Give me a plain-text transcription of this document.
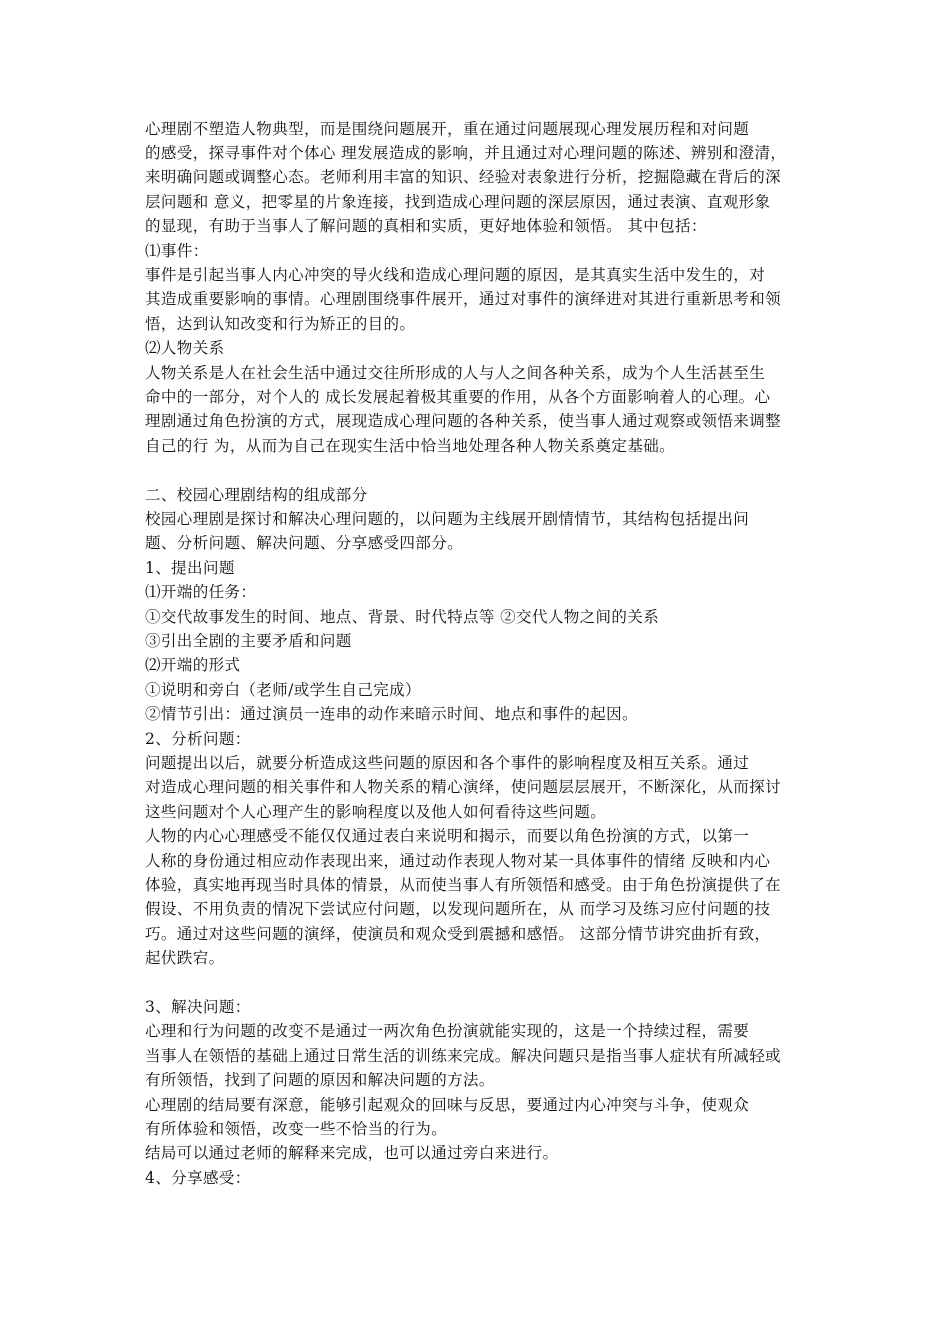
心理剧不塑造人物典型，而是围绕问题展开，重在通过问题展现心理发展历程和对问题
的感受，探寻事件对个体心 理发展造成的影响，并且通过对心理问题的陈述、辨别和澄清，
来明确问题或调整心态。老师利用丰富的知识、经验对表象进行分析，挖掘隐藏在背后的深
层问题和 意义，把零星的片象连接，找到造成心理问题的深层原因，通过表演、直观形象
的显现，有助于当事人了解问题的真相和实质，更好地体验和领悟。 其中包括：
⑴事件：
事件是引起当事人内心冲突的导火线和造成心理问题的原因，是其真实生活中发生的，对
其造成重要影响的事情。心理剧围绕事件展开，通过对事件的演绎进对其进行重新思考和领
悟，达到认知改变和行为矫正的目的。
⑵人物关系
人物关系是人在社会生活中通过交往所形成的人与人之间各种关系，成为个人生活甚至生
命中的一部分，对个人的 成长发展起着极其重要的作用，从各个方面影响着人的心理。心
理剧通过角色扮演的方式，展现造成心理问题的各种关系，使当事人通过观察或领悟来调整
自己的行 为，从而为自己在现实生活中恰当地处理各种人物关系奠定基础。
二、校园心理剧结构的组成部分
校园心理剧是探讨和解决心理问题的，以问题为主线展开剧情情节，其结构包括提出问
题、分析问题、解决问题、分享感受四部分。
1、提出问题
⑴开端的任务：
①交代故事发生的时间、地点、背景、时代特点等 ②交代人物之间的关系
③引出全剧的主要矛盾和问题
⑵开端的形式
①说明和旁白（老师/或学生自己完成）
②情节引出：通过演员一连串的动作来暗示时间、地点和事件的起因。
2、分析问题：
问题提出以后，就要分析造成这些问题的原因和各个事件的影响程度及相互关系。通过
对造成心理问题的相关事件和人物关系的精心演绎，使问题层层展开，不断深化，从而探讨
这些问题对个人心理产生的影响程度以及他人如何看待这些问题。
人物的内心心理感受不能仅仅通过表白来说明和揭示，而要以角色扮演的方式，以第一
人称的身份通过相应动作表现出来，通过动作表现人物对某一具体事件的情绪 反映和内心
体验，真实地再现当时具体的情景，从而使当事人有所领悟和感受。由于角色扮演提供了在
假设、不用负责的情况下尝试应付问题，以发现问题所在，从 而学习及练习应付问题的技
巧。通过对这些问题的演绎，使演员和观众受到震撼和感悟。 这部分情节讲究曲折有致，
起伏跌宕。
3、解决问题：
心理和行为问题的改变不是通过一两次角色扮演就能实现的，这是一个持续过程，需要
当事人在领悟的基础上通过日常生活的训练来完成。解决问题只是指当事人症状有所减轻或
有所领悟，找到了问题的原因和解决问题的方法。
心理剧的结局要有深意，能够引起观众的回味与反思，要通过内心冲突与斗争，使观众
有所体验和领悟，改变一些不恰当的行为。
结局可以通过老师的解释来完成，也可以通过旁白来进行。
4、分享感受：
